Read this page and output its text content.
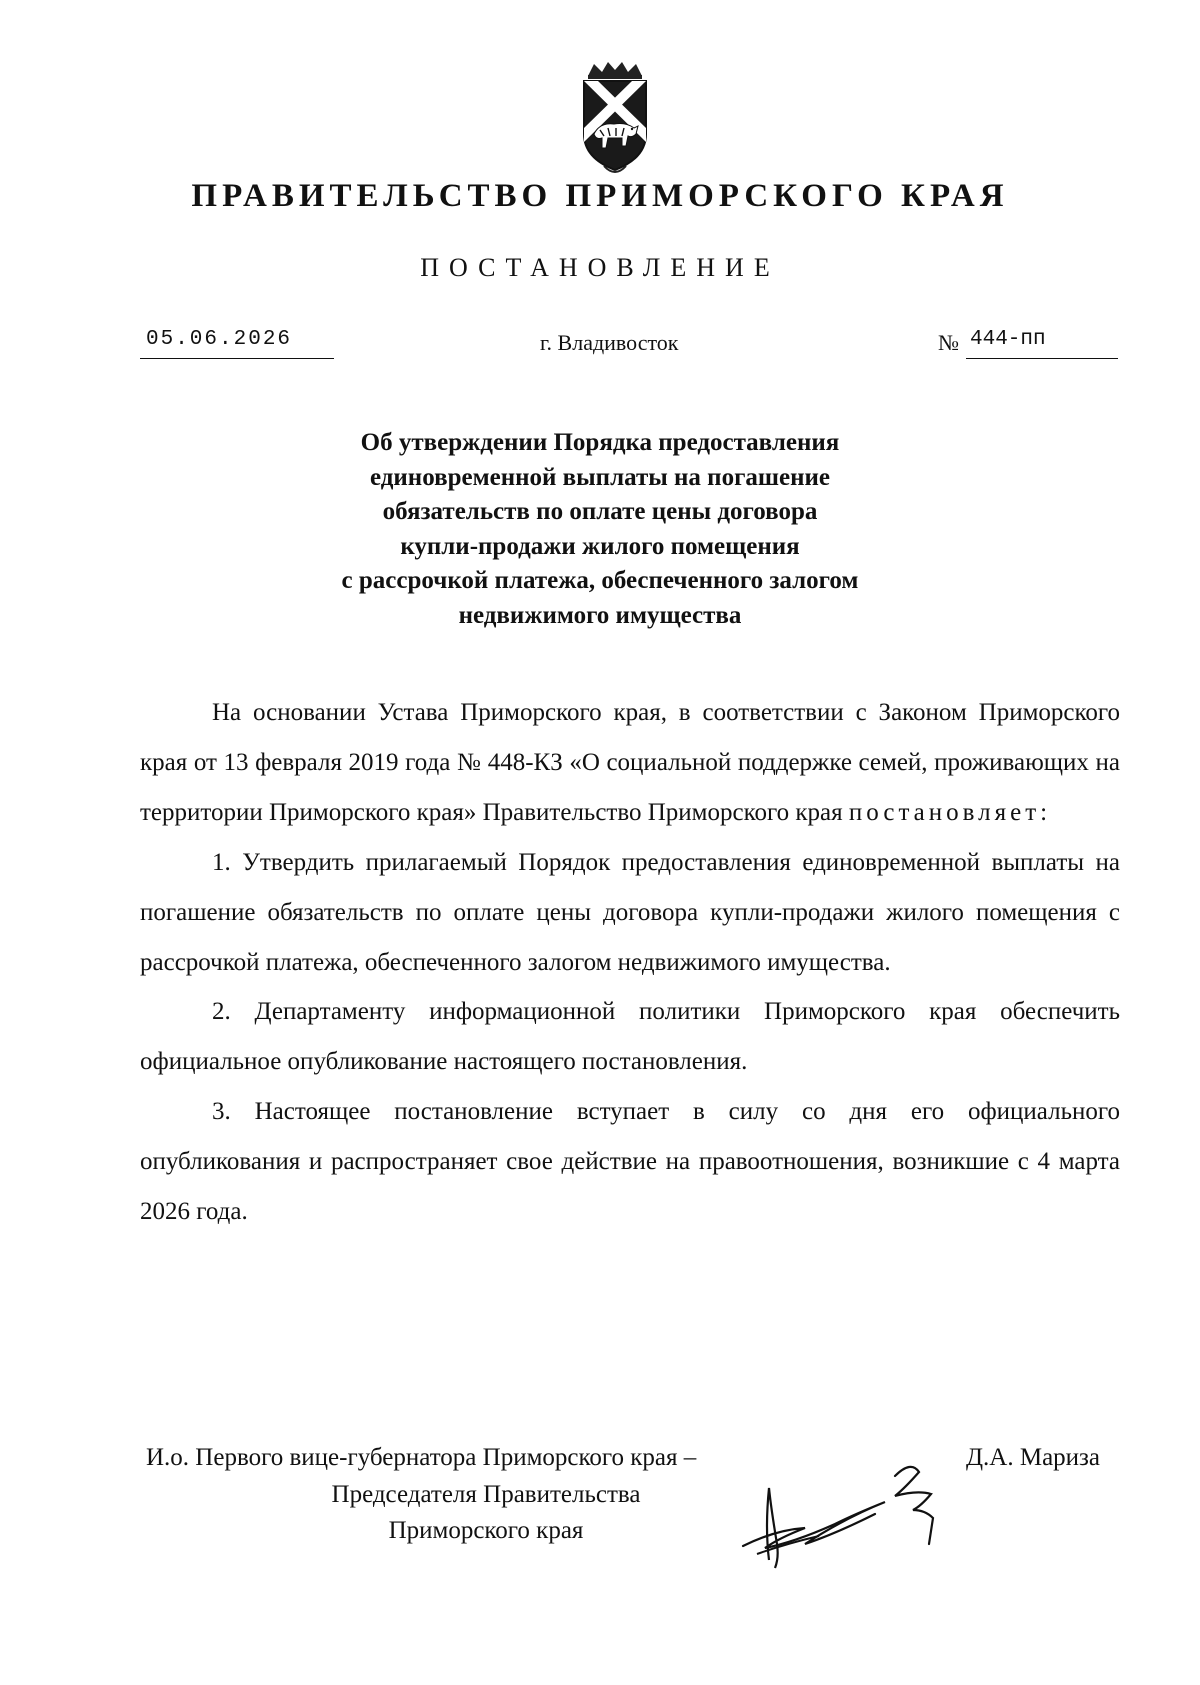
ПРАВИТЕЛЬСТВО ПРИМОРСКОГО КРАЯ
ПОСТАНОВЛЕНИЕ
05.06.2026	г. Владивосток	№ 444-пп
Об утверждении Порядка предоставления
единовременной выплаты на погашение
обязательств по оплате цены договора
купли-продажи жилого помещения
с рассрочкой платежа, обеспеченного залогом
недвижимого имущества

На основании Устава Приморского края, в соответствии с Законом Приморского края от 13 февраля 2019 года № 448-КЗ «О социальной поддержке семей, проживающих на территории Приморского края» Правительство Приморского края постановляет:

1. Утвердить прилагаемый Порядок предоставления единовременной выплаты на погашение обязательств по оплате цены договора купли-продажи жилого помещения с рассрочкой платежа, обеспеченного залогом недвижимого имущества.

2. Департаменту информационной политики Приморского края обеспечить официальное опубликование настоящего постановления.

3. Настоящее постановление вступает в силу со дня его официального опубликования и распространяет свое действие на правоотношения, возникшие с 4 марта 2026 года.

И.о. Первого вице-губернатора Приморского края –
Председателя Правительства
Приморского края
Д.А. Мариза
